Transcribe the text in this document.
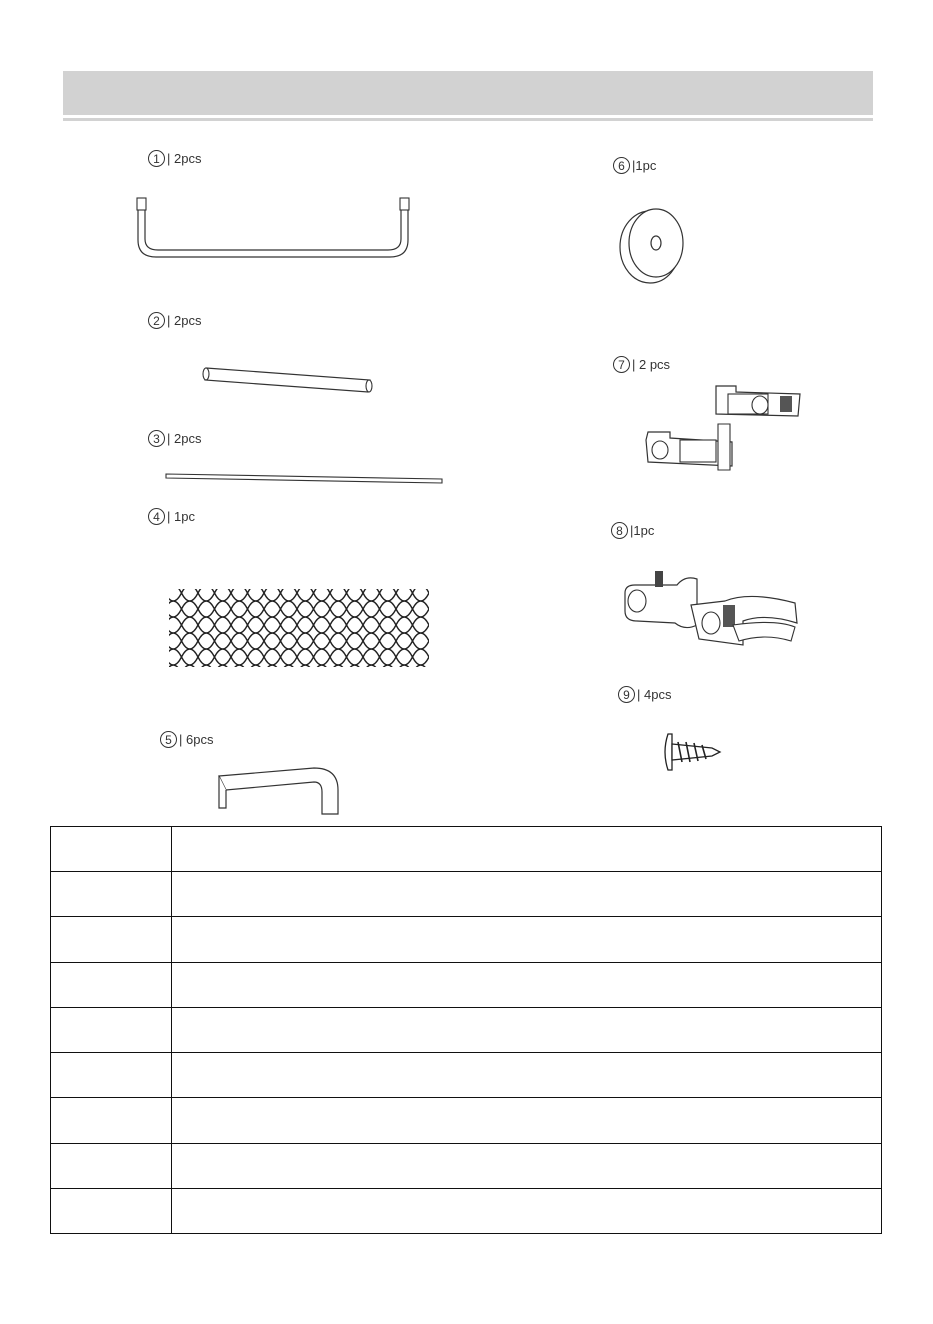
1 | 2pcs
2 | 2pcs
3 | 2pcs
4 | 1pc
5 | 6pcs
6 |1pc
7 | 2 pcs
8 |1pc
9 | 4pcs
